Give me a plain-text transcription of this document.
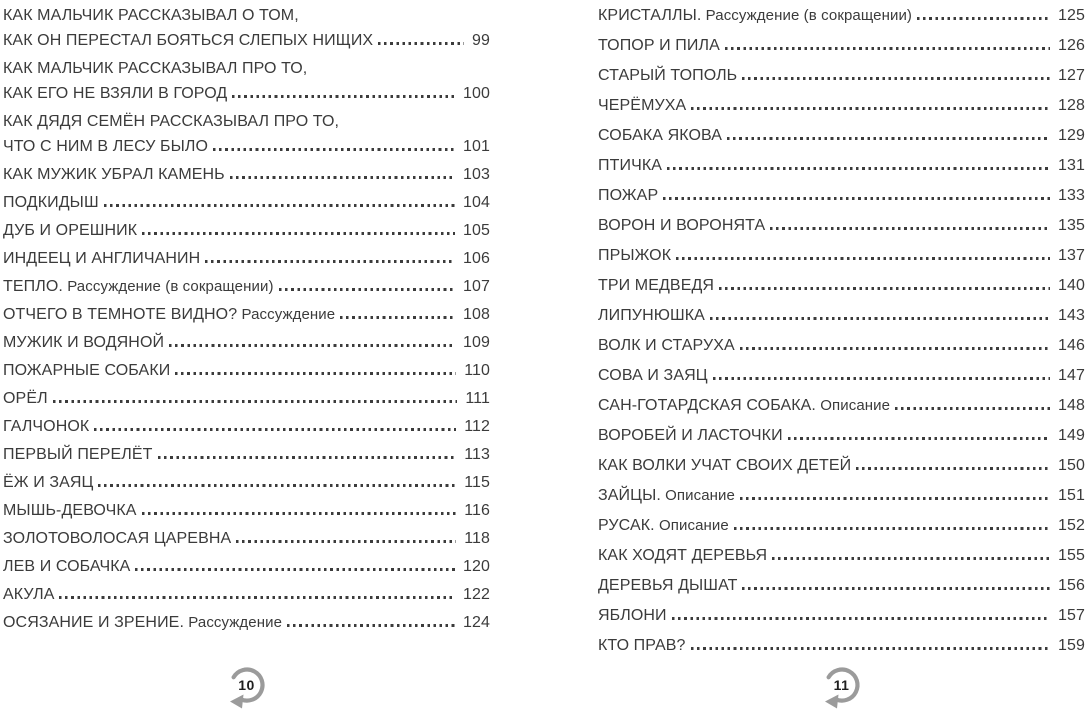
КАК МАЛЬЧИК РАССКАЗЫВАЛ О ТОМ,
КАК ОН ПЕРЕСТАЛ БОЯТЬСЯ СЛЕПЫХ НИЩИХ	99
КАК МАЛЬЧИК РАССКАЗЫВАЛ ПРО ТО,
КАК ЕГО НЕ ВЗЯЛИ В ГОРОД	100
КАК ДЯДЯ СЕМЁН РАССКАЗЫВАЛ ПРО ТО,
ЧТО С НИМ В ЛЕСУ БЫЛО	101
КАК МУЖИК УБРАЛ КАМЕНЬ	103
ПОДКИДЫШ	104
ДУБ И ОРЕШНИК	105
ИНДЕЕЦ И АНГЛИЧАНИН	106
ТЕПЛО. Рассуждение (в сокращении)	107
ОТЧЕГО В ТЕМНОТЕ ВИДНО? Рассуждение	108
МУЖИК И ВОДЯНОЙ	109
ПОЖАРНЫЕ СОБАКИ	110
ОРЁЛ	111
ГАЛЧОНОК	112
ПЕРВЫЙ ПЕРЕЛЁТ	113
ЁЖ И ЗАЯЦ	115
МЫШЬ-ДЕВОЧКА	116
ЗОЛОТОВОЛОСАЯ ЦАРЕВНА	118
ЛЕВ И СОБАЧКА	120
АКУЛА	122
ОСЯЗАНИЕ И ЗРЕНИЕ. Рассуждение	124
10
КРИСТАЛЛЫ. Рассуждение (в сокращении)	125
ТОПОР И ПИЛА	126
СТАРЫЙ ТОПОЛЬ	127
ЧЕРЁМУХА	128
СОБАКА ЯКОВА	129
ПТИЧКА	131
ПОЖАР	133
ВОРОН И ВОРОНЯТА	135
ПРЫЖОК	137
ТРИ МЕДВЕДЯ	140
ЛИПУНЮШКА	143
ВОЛК И СТАРУХА	146
СОВА И ЗАЯЦ	147
САН-ГОТАРДСКАЯ СОБАКА. Описание	148
ВОРОБЕЙ И ЛАСТОЧКИ	149
КАК ВОЛКИ УЧАТ СВОИХ ДЕТЕЙ	150
ЗАЙЦЫ. Описание	151
РУСАК. Описание	152
КАК ХОДЯТ ДЕРЕВЬЯ	155
ДЕРЕВЬЯ ДЫШАТ	156
ЯБЛОНИ	157
КТО ПРАВ?	159
11
